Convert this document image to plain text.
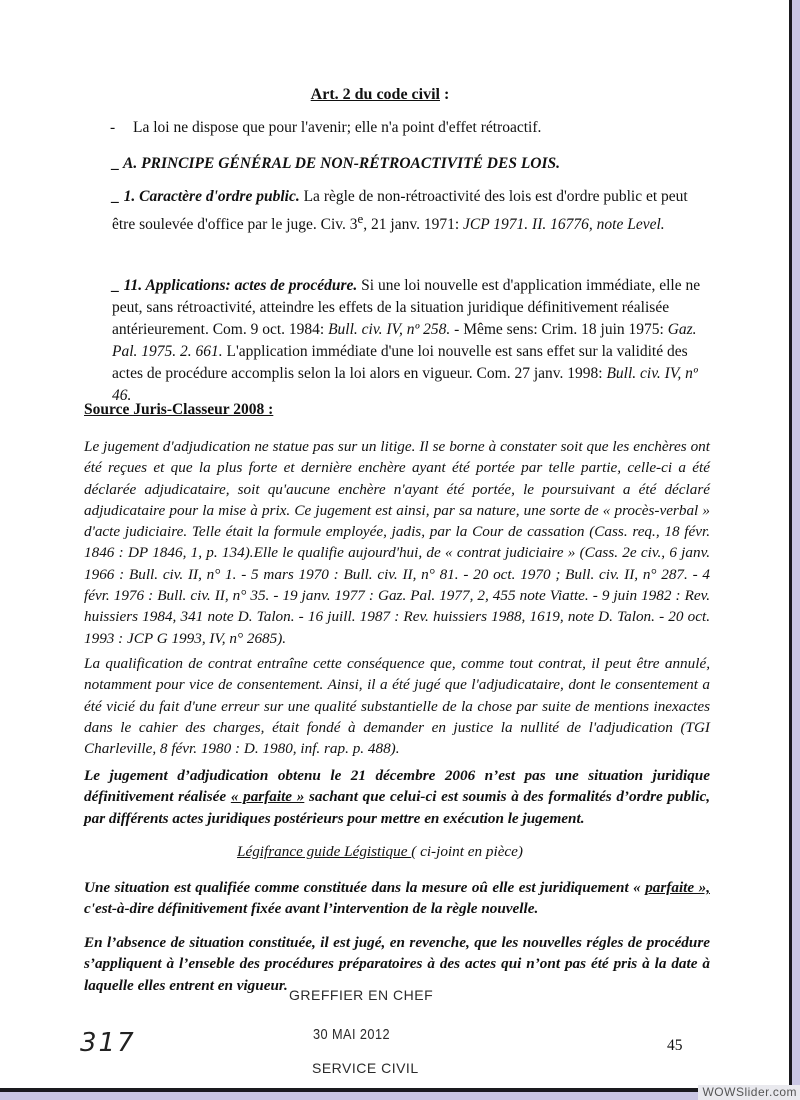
Art. 2 du code civil :
- La loi ne dispose que pour l'avenir; elle n'a point d'effet rétroactif.
_ A. PRINCIPE GÉNÉRAL DE NON-RÉTROACTIVITÉ DES LOIS.
_ 1. Caractère d'ordre public. La règle de non-rétroactivité des lois est d'ordre public et peut être soulevée d'office par le juge. Civ. 3e, 21 janv. 1971: JCP 1971. II. 16776, note Level.
_ 11. Applications: actes de procédure. Si une loi nouvelle est d'application immédiate, elle ne peut, sans rétroactivité, atteindre les effets de la situation juridique définitivement réalisée antérieurement. Com. 9 oct. 1984: Bull. civ. IV, nº 258. - Même sens: Crim. 18 juin 1975: Gaz. Pal. 1975. 2. 661. L'application immédiate d'une loi nouvelle est sans effet sur la validité des actes de procédure accomplis selon la loi alors en vigueur. Com. 27 janv. 1998: Bull. civ. IV, nº 46.
Source Juris-Classeur 2008 :
Le jugement d'adjudication ne statue pas sur un litige. Il se borne à constater soit que les enchères ont été reçues et que la plus forte et dernière enchère ayant été portée par telle partie, celle-ci a été déclarée adjudicataire, soit qu'aucune enchère n'ayant été portée, le poursuivant a été déclaré adjudicataire pour la mise à prix. Ce jugement est ainsi, par sa nature, une sorte de « procès-verbal » d'acte judiciaire. Telle était la formule employée, jadis, par la Cour de cassation (Cass. req., 18 févr. 1846 : DP 1846, 1, p. 134).Elle le qualifie aujourd'hui, de « contrat judiciaire » (Cass. 2e civ., 6 janv. 1966 : Bull. civ. II, n° 1. - 5 mars 1970 : Bull. civ. II, n° 81. - 20 oct. 1970 ; Bull. civ. II, n° 287. - 4 févr. 1976 : Bull. civ. II, n° 35. - 19 janv. 1977 : Gaz. Pal. 1977, 2, 455 note Viatte. - 9 juin 1982 : Rev. huissiers 1984, 341 note D. Talon. - 16 juill. 1987 : Rev. huissiers 1988, 1619, note D. Talon. - 20 oct. 1993 : JCP G 1993, IV, n° 2685).
La qualification de contrat entraîne cette conséquence que, comme tout contrat, il peut être annulé, notamment pour vice de consentement. Ainsi, il a été jugé que l'adjudicataire, dont le consentement a été vicié du fait d'une erreur sur une qualité substantielle de la chose par suite de mentions inexactes dans le cahier des charges, était fondé à demander en justice la nullité de l'adjudication (TGI Charleville, 8 févr. 1980 : D. 1980, inf. rap. p. 488).
Le jugement d’adjudication obtenu le 21 décembre 2006 n’est pas une situation juridique définitivement réalisée « parfaite » sachant que celui-ci est soumis à des formalités d’ordre public, par différents actes juridiques postérieurs pour mettre en exécution le jugement.
Légifrance guide Légistique ( ci-joint en pièce)
Une situation est qualifiée comme constituée dans la mesure oû elle est juridiquement « parfaite », c'est-à-dire définitivement fixée avant l’intervention de la règle nouvelle.
En l’absence de situation constituée, il est jugé, en revenche, que les nouvelles régles de procédure s’appliquent à l’enseble des procédures préparatoires à des actes qui n’ont pas été pris à la date à laquelle elles entrent en vigueur.
GREFFIER EN CHEF
30 MAI 2012
SERVICE CIVIL
317	45
WOWSlider.com
